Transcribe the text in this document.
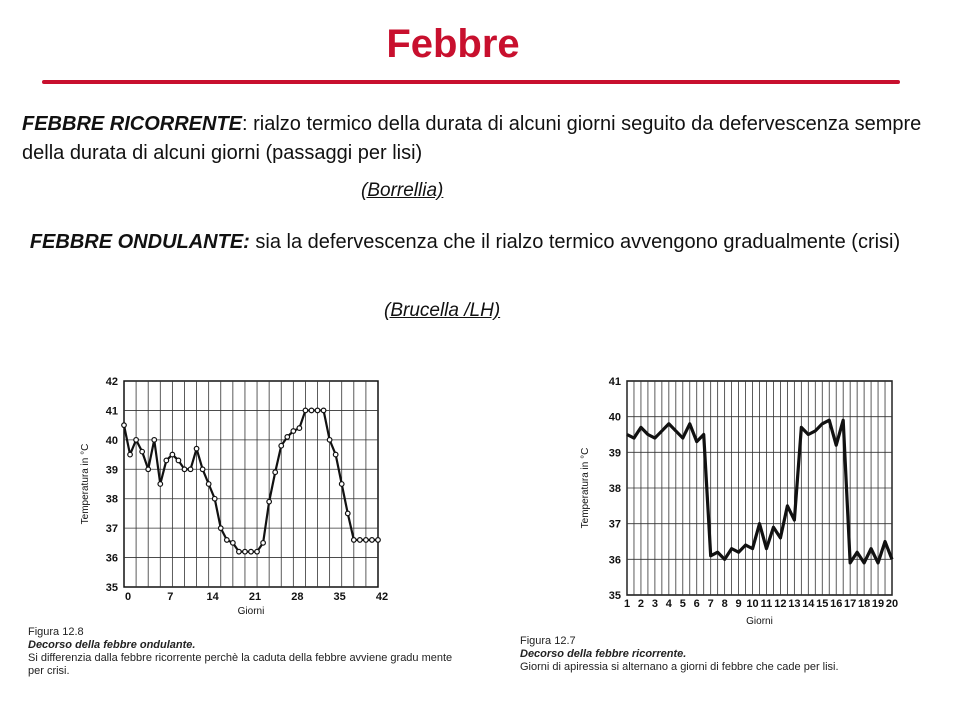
Febbre
FEBBRE RICORRENTE: rialzo termico della durata di alcuni giorni seguito da defervescenza sempre della durata di alcuni giorni (passaggi per lisi)
(Borrellia)
FEBBRE ONDULANTE: sia la defervescenza che il rialzo termico avvengono gradualmente (crisi)
(Brucella /LH)
35
36
37
38
39
40
41
42
0	7	14	21	28	35	42
Giorni
Temperatura in °C
35
36
37
38
39
40
41
1 2 3 4 5 6 7 8 9 10 11 12 13 14 15 16 17 18 19 20
Giorni
Temperatura in °C
Figura 12.8
Decorso della febbre ondulante.
Si differenzia dalla febbre ricorrente perchè la caduta della febbre avviene gradu mente per crisi.
Figura 12.7
Decorso della febbre ricorrente.
Giorni di apiressia si alternano a giorni di febbre che cade per lisi.
